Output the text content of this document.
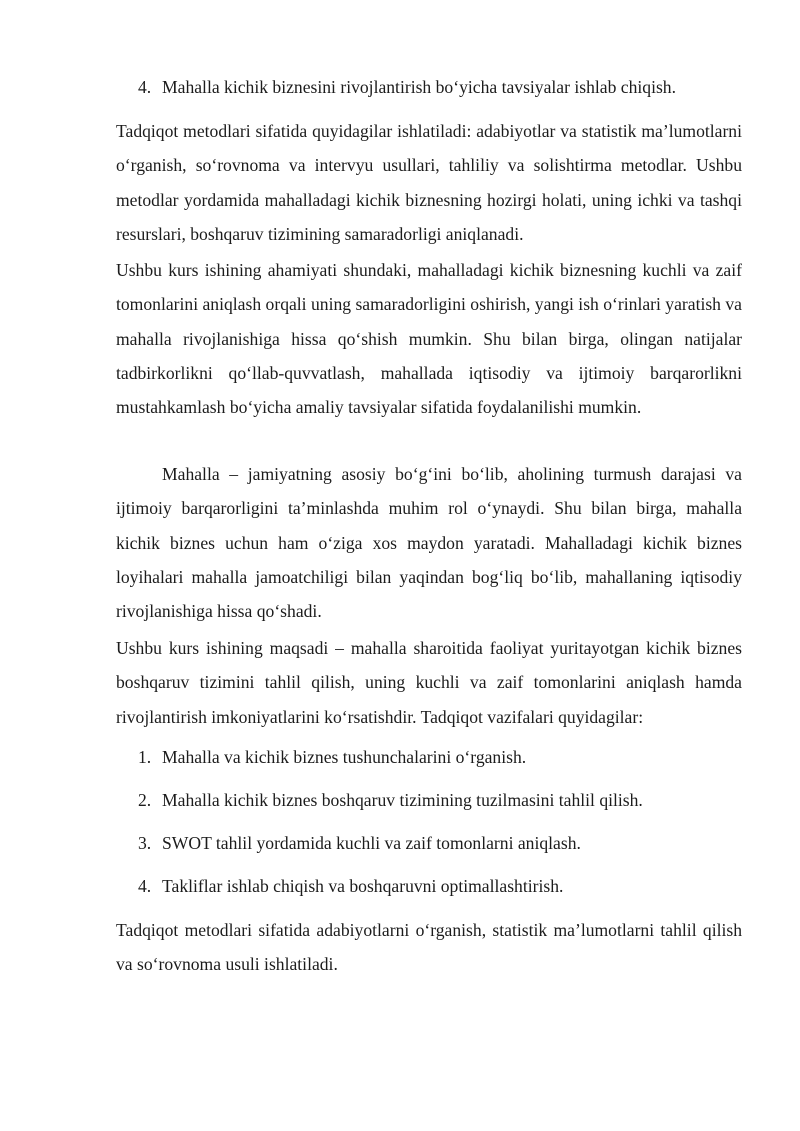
4. Mahalla kichik biznesini rivojlantirish bo‘yicha tavsiyalar ishlab chiqish.

Tadqiqot metodlari sifatida quyidagilar ishlatiladi: adabiyotlar va statistik ma’lumotlarni o‘rganish, so‘rovnoma va intervyu usullari, tahliliy va solishtirma metodlar. Ushbu metodlar yordamida mahalladagi kichik biznesning hozirgi holati, uning ichki va tashqi resurslari, boshqaruv tizimining samaradorligi aniqlanadi.

Ushbu kurs ishining ahamiyati shundaki, mahalladagi kichik biznesning kuchli va zaif tomonlarini aniqlash orqali uning samaradorligini oshirish, yangi ish o‘rinlari yaratish va mahalla rivojlanishiga hissa qo‘shish mumkin. Shu bilan birga, olingan natijalar tadbirkorlikni qo‘llab-quvvatlash, mahallada iqtisodiy va ijtimoiy barqarorlikni mustahkamlash bo‘yicha amaliy tavsiyalar sifatida foydalanilishi mumkin.

Mahalla – jamiyatning asosiy bo‘g‘ini bo‘lib, aholining turmush darajasi va ijtimoiy barqarorligini ta’minlashda muhim rol o‘ynaydi. Shu bilan birga, mahalla kichik biznes uchun ham o‘ziga xos maydon yaratadi. Mahalladagi kichik biznes loyihalari mahalla jamoatchiligi bilan yaqindan bog‘liq bo‘lib, mahallaning iqtisodiy rivojlanishiga hissa qo‘shadi.

Ushbu kurs ishining maqsadi – mahalla sharoitida faoliyat yuritayotgan kichik biznes boshqaruv tizimini tahlil qilish, uning kuchli va zaif tomonlarini aniqlash hamda rivojlantirish imkoniyatlarini ko‘rsatishdir. Tadqiqot vazifalari quyidagilar:

1. Mahalla va kichik biznes tushunchalarini o‘rganish.

2. Mahalla kichik biznes boshqaruv tizimining tuzilmasini tahlil qilish.

3. SWOT tahlil yordamida kuchli va zaif tomonlarni aniqlash.

4. Takliflar ishlab chiqish va boshqaruvni optimallashtirish.

Tadqiqot metodlari sifatida adabiyotlarni o‘rganish, statistik ma’lumotlarni tahlil qilish va so‘rovnoma usuli ishlatiladi.
